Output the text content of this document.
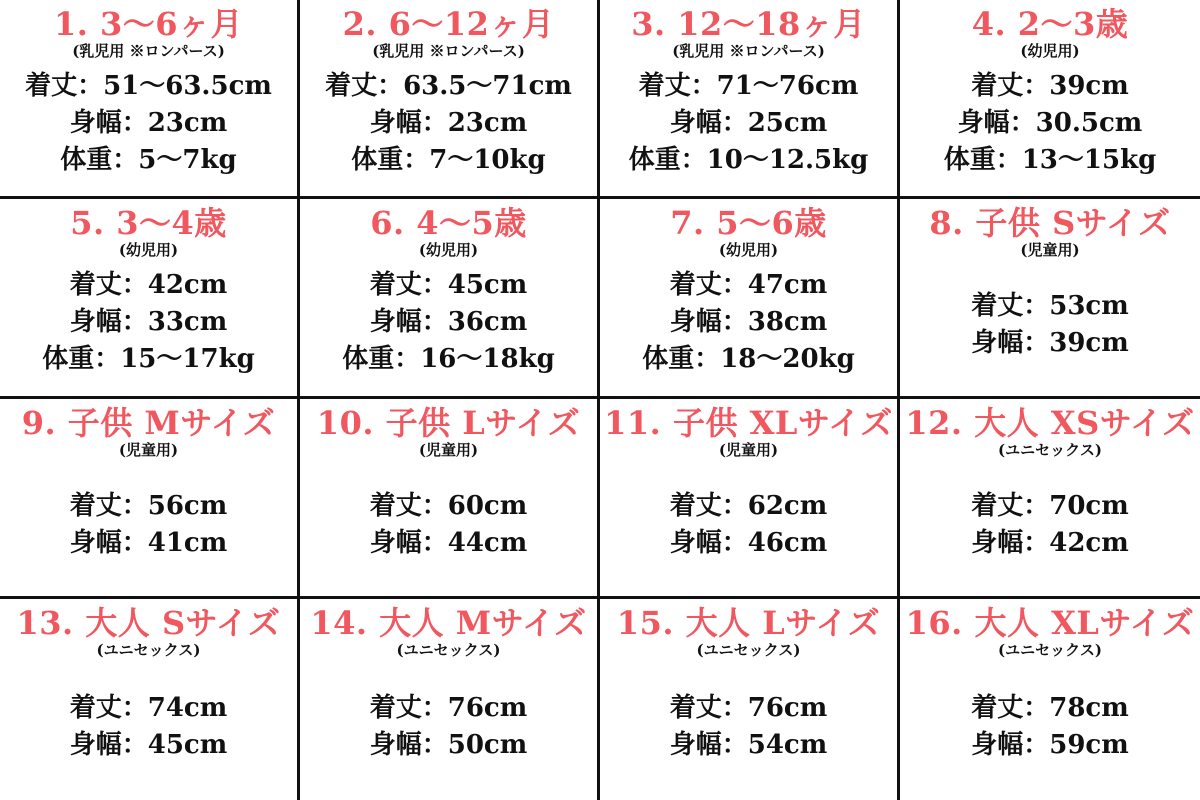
1. 3〜6ヶ月
(乳児用 ※ロンパース)
着丈：51〜63.5cm
身幅：23cm
体重：5〜7kg
2. 6〜12ヶ月
(乳児用 ※ロンパース)
着丈：63.5〜71cm
身幅：23cm
体重：7〜10kg
3. 12〜18ヶ月
(乳児用 ※ロンパース)
着丈：71〜76cm
身幅：25cm
体重：10〜12.5kg
4. 2〜3歳
(幼児用)
着丈：39cm
身幅：30.5cm
体重：13〜15kg
5. 3〜4歳
(幼児用)
着丈：42cm
身幅：33cm
体重：15〜17kg
6. 4〜5歳
(幼児用)
着丈：45cm
身幅：36cm
体重：16〜18kg
7. 5〜6歳
(幼児用)
着丈：47cm
身幅：38cm
体重：18〜20kg
8. 子供 Sサイズ
(児童用)
着丈：53cm
身幅：39cm
9. 子供 Mサイズ
(児童用)
着丈：56cm
身幅：41cm
10. 子供 Lサイズ
(児童用)
着丈：60cm
身幅：44cm
11. 子供 XLサイズ
(児童用)
着丈：62cm
身幅：46cm
12. 大人 XSサイズ
(ユニセックス)
着丈：70cm
身幅：42cm
13. 大人 Sサイズ
(ユニセックス)
着丈：74cm
身幅：45cm
14. 大人 Mサイズ
(ユニセックス)
着丈：76cm
身幅：50cm
15. 大人 Lサイズ
(ユニセックス)
着丈：76cm
身幅：54cm
16. 大人 XLサイズ
(ユニセックス)
着丈：78cm
身幅：59cm
